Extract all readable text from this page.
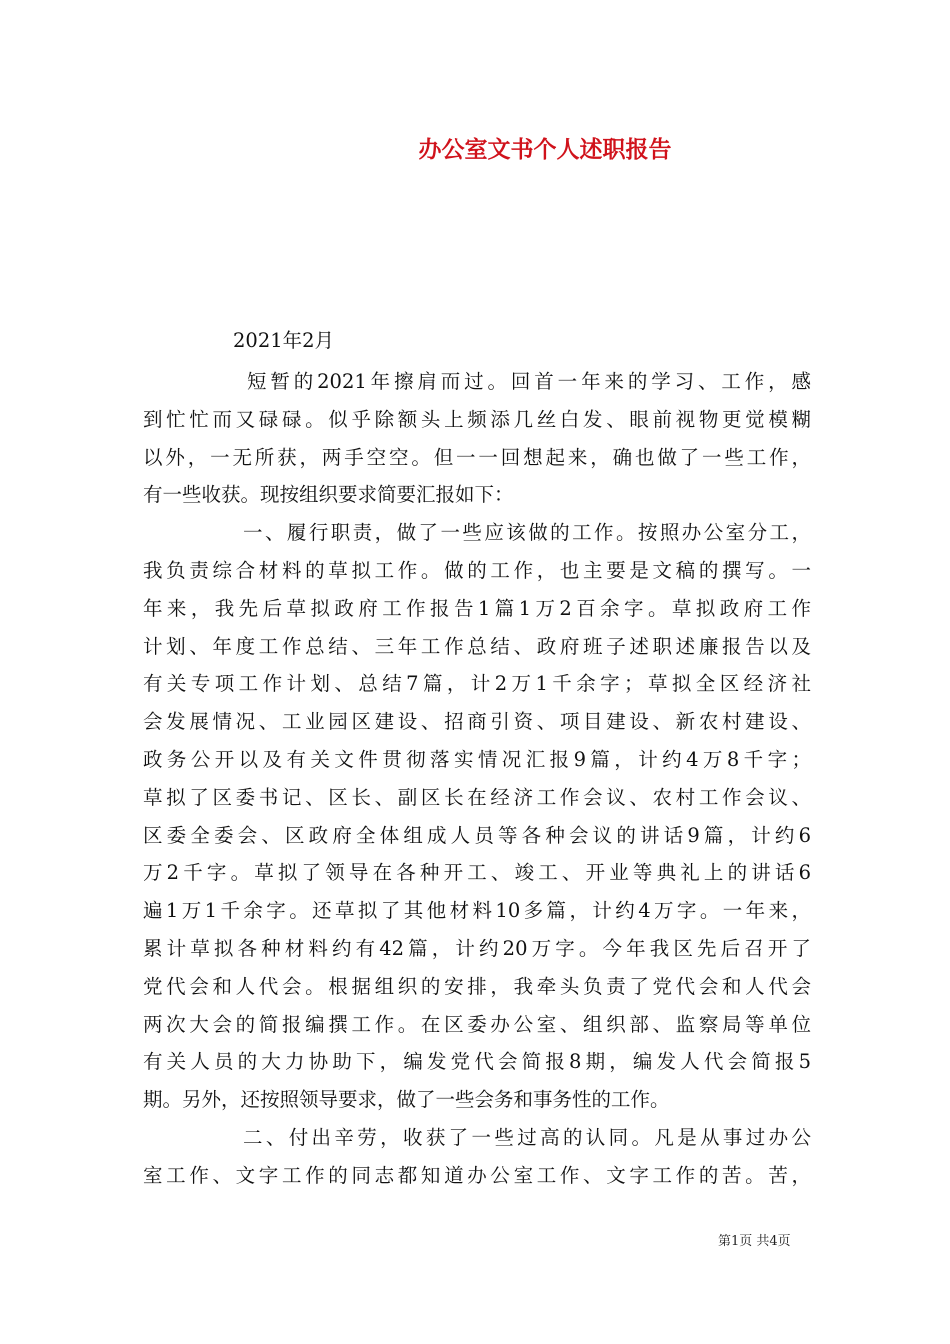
办公室文书个人述职报告
2021年2月
短暂的2021年擦肩而过。回首一年来的学习、工作，感
到忙忙而又碌碌。似乎除额头上频添几丝白发、眼前视物更觉模糊
以外，一无所获，两手空空。但一一回想起来，确也做了一些工作，
有一些收获。现按组织要求简要汇报如下：
一、履行职责，做了一些应该做的工作。按照办公室分工，
我负责综合材料的草拟工作。做的工作，也主要是文稿的撰写。一
年来，我先后草拟政府工作报告1篇1万2百余字。草拟政府工作
计划、年度工作总结、三年工作总结、政府班子述职述廉报告以及
有关专项工作计划、总结7篇，计2万1千余字；草拟全区经济社
会发展情况、工业园区建设、招商引资、项目建设、新农村建设、
政务公开以及有关文件贯彻落实情况汇报9篇，计约4万8千字；
草拟了区委书记、区长、副区长在经济工作会议、农村工作会议、
区委全委会、区政府全体组成人员等各种会议的讲话9篇，计约6
万2千字。草拟了领导在各种开工、竣工、开业等典礼上的讲话6
遍1万1千余字。还草拟了其他材料10多篇，计约4万字。一年来，
累计草拟各种材料约有42篇，计约20万字。今年我区先后召开了
党代会和人代会。根据组织的安排，我牵头负责了党代会和人代会
两次大会的简报编撰工作。在区委办公室、组织部、监察局等单位
有关人员的大力协助下，编发党代会简报8期，编发人代会简报5
期。另外，还按照领导要求，做了一些会务和事务性的工作。
二、付出辛劳，收获了一些过高的认同。凡是从事过办公
室工作、文字工作的同志都知道办公室工作、文字工作的苦。苦，
第1页 共4页
